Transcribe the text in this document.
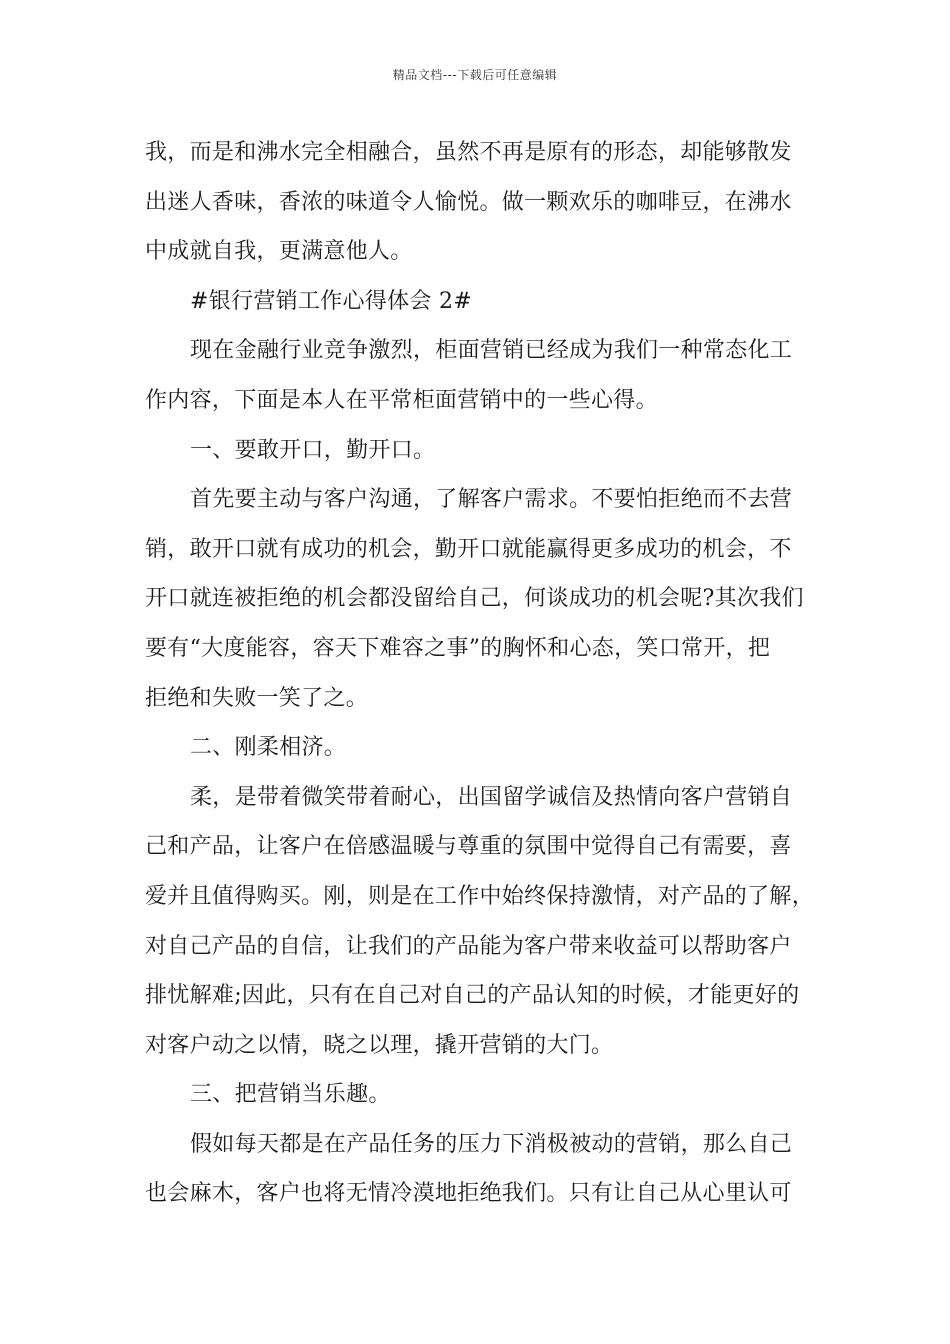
精品文档---下载后可任意编辑
我，而是和沸水完全相融合，虽然不再是原有的形态，却能够散发
出迷人香味，香浓的味道令人愉悦。做一颗欢乐的咖啡豆，在沸水
中成就自我，更满意他人。
#银行营销工作心得体会 2#
现在金融行业竞争激烈，柜面营销已经成为我们一种常态化工
作内容，下面是本人在平常柜面营销中的一些心得。
一、要敢开口，勤开口。
首先要主动与客户沟通，了解客户需求。不要怕拒绝而不去营
销，敢开口就有成功的机会，勤开口就能赢得更多成功的机会，不
开口就连被拒绝的机会都没留给自己，何谈成功的机会呢?其次我们
要有“大度能容，容天下难容之事”的胸怀和心态，笑口常开，把
拒绝和失败一笑了之。
二、刚柔相济。
柔，是带着微笑带着耐心，出国留学诚信及热情向客户营销自
己和产品，让客户在倍感温暖与尊重的氛围中觉得自己有需要，喜
爱并且值得购买。刚，则是在工作中始终保持激情，对产品的了解，
对自己产品的自信，让我们的产品能为客户带来收益可以帮助客户
排忧解难;因此，只有在自己对自己的产品认知的时候，才能更好的
对客户动之以情，晓之以理，撬开营销的大门。
三、把营销当乐趣。
假如每天都是在产品任务的压力下消极被动的营销，那么自己
也会麻木，客户也将无情冷漠地拒绝我们。只有让自己从心里认可
